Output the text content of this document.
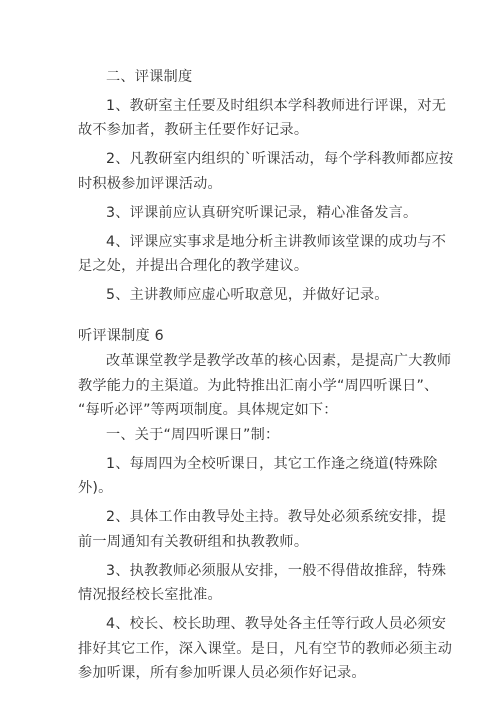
二、评课制度
1、教研室主任要及时组织本学科教师进行评课，对无
故不参加者，教研主任要作好记录。
2、凡教研室内组织的`听课活动，每个学科教师都应按
时积极参加评课活动。
3、评课前应认真研究听课记录，精心准备发言。
4、评课应实事求是地分析主讲教师该堂课的成功与不
足之处，并提出合理化的教学建议。
5、主讲教师应虚心听取意见，并做好记录。
听评课制度 6
改革课堂教学是教学改革的核心因素，是提高广大教师
教学能力的主渠道。为此特推出汇南小学“周四听课日”、
“每听必评”等两项制度。具体规定如下：
一、关于“周四听课日”制：
1、每周四为全校听课日，其它工作逢之绕道(特殊除
外)。
2、具体工作由教导处主持。教导处必须系统安排，提
前一周通知有关教研组和执教教师。
3、执教教师必须服从安排，一般不得借故推辞，特殊
情况报经校长室批准。
4、校长、校长助理、教导处各主任等行政人员必须安
排好其它工作，深入课堂。是日，凡有空节的教师必须主动
参加听课，所有参加听课人员必须作好记录。
